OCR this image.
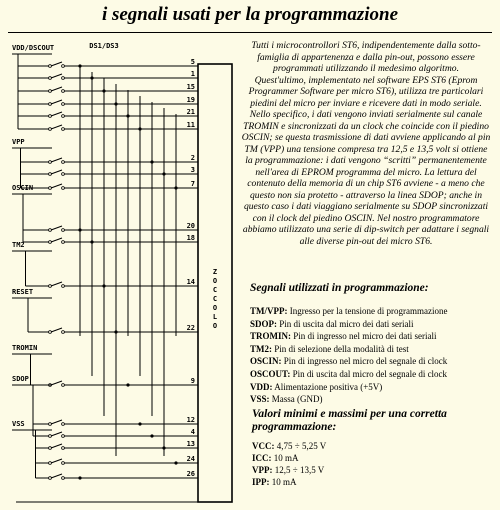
i segnali usati per la programmazione
DS1/DS3
Z
O
C
C
O
L
O
VDD/DSCOUT
5
1
15
19
21
11
VPP
2
3
7
OSCIN
20
18
TM2
14
RESET
22
TROMIN
9
SDOP
12
4
VSS
13
24
26

Tutti i microcontrollori ST6, indipendentemente dalla sotto-famiglia di appartenenza e dalla pin-out, possono essere programmati utilizzando il medesimo algoritmo.

Quest'ultimo, implementato nel software EPS ST6 (Eprom Programmer Software per micro ST6), utilizza tre particolari piedini del micro per inviare e ricevere dati in modo seriale. Nello specifico, i dati vengono inviati serialmente sul canale TROMIN e sincronizzati da un clock che coincide con il piedino OSCIN; se questa trasmissione di dati avviene applicando al pin TM (VPP) una tensione compresa tra 12,5 e 13,5 volt si ottiene la programmazione: i dati vengono “scritti” permanentemente nell'area di EPROM programma del micro. La lettura del contenuto della memoria di un chip ST6 avviene - a meno che questo non sia protetto - attraverso la linea SDOP; anche in questo caso i dati viaggiano serialmente su SDOP sincronizzati con il clock del piedino OSCIN. Nel nostro programmatore abbiamo utilizzato una serie di dip-switch per adattare i segnali alle diverse pin-out dei micro ST6.

Segnali utilizzati in programmazione:
TM/VPP: Ingresso per la tensione di programmazione
SDOP: Pin di uscita dal micro dei dati seriali
TROMIN: Pin di ingresso nel micro dei dati seriali
TM2: Pin di selezione della modalità di test
OSCIN: Pin di ingresso nel micro del segnale di clock
OSCOUT: Pin di uscita dal micro del segnale di clock
VDD: Alimentazione positiva (+5V)
VSS: Massa (GND)
Valori minimi e massimi per una corretta programmazione:
VCC: 4,75 ÷ 5,25 V
ICC: 10 mA
VPP: 12,5 ÷ 13,5 V
IPP: 10 mA
